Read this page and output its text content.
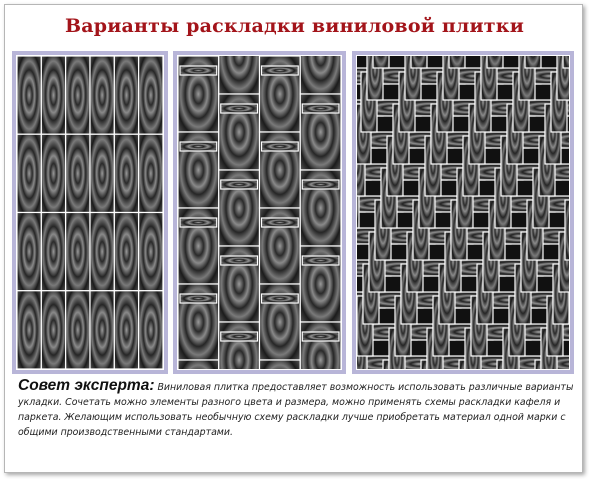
Варианты раскладки виниловой плитки
Совет эксперта: Виниловая плитка предоставляет возможность использовать различные варианты укладки. Сочетать можно элементы разного цвета и размера, можно применять схемы раскладки кафеля и паркета. Желающим использовать необычную схему раскладки лучше приобретать материал одной марки с общими производственными стандартами.
